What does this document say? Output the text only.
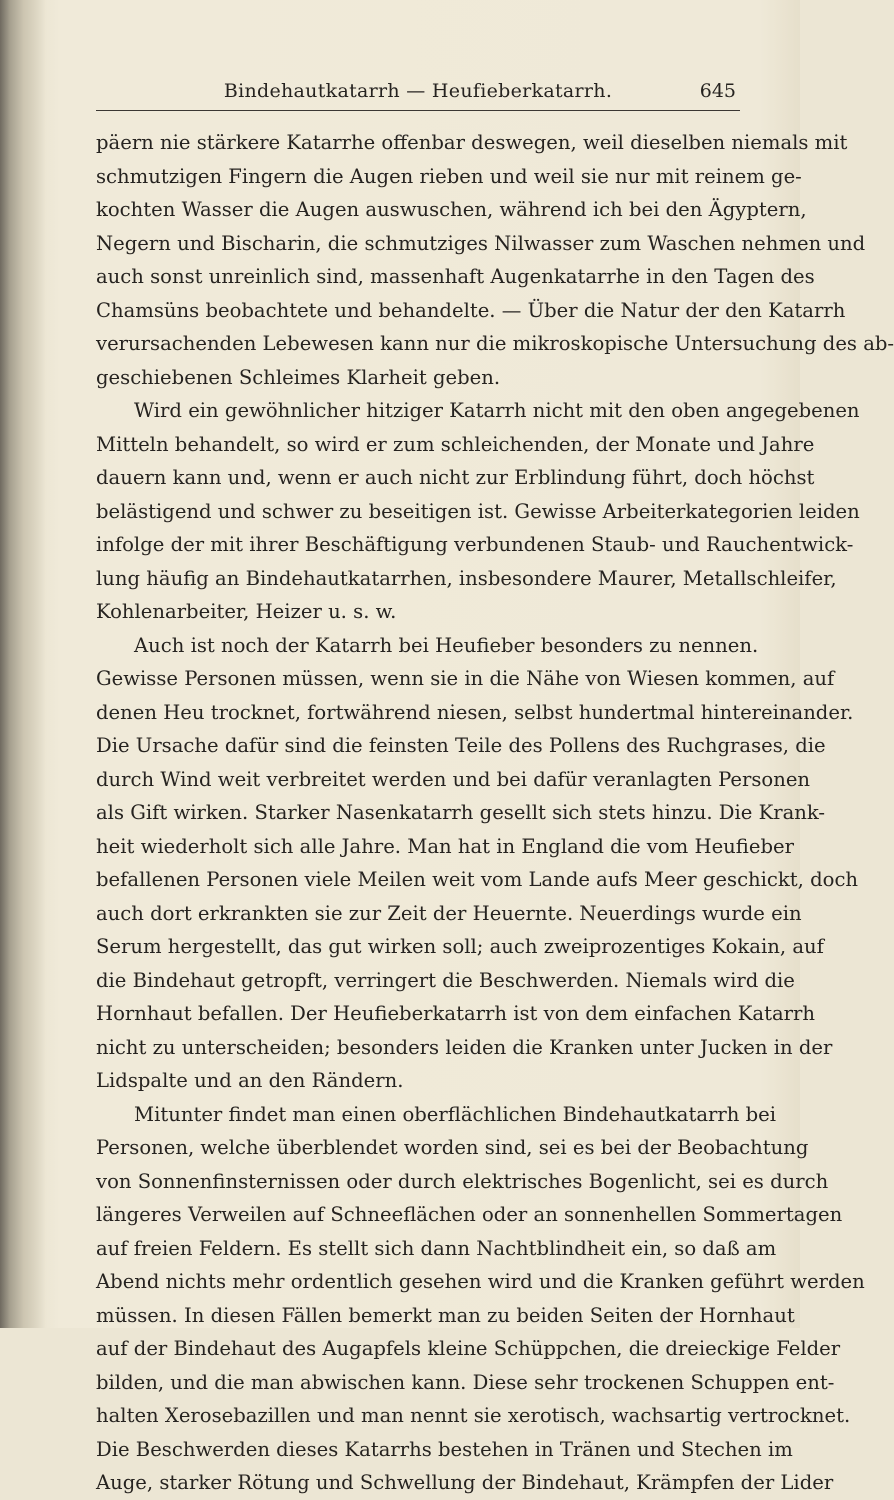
Bindehautkatarrh — Heufieberkatarrh.	645
päern nie stärkere Katarrhe offenbar deswegen, weil dieselben niemals mit
schmutzigen Fingern die Augen rieben und weil sie nur mit reinem ge-
kochten Wasser die Augen auswuschen, während ich bei den Ägyptern,
Negern und Bischarin, die schmutziges Nilwasser zum Waschen nehmen und
auch sonst unreinlich sind, massenhaft Augenkatarrhe in den Tagen des
Chamsüns beobachtete und behandelte. — Über die Natur der den Katarrh
verursachenden Lebewesen kann nur die mikroskopische Untersuchung des ab-
geschiebenen Schleimes Klarheit geben.
Wird ein gewöhnlicher hitziger Katarrh nicht mit den oben angegebenen
Mitteln behandelt, so wird er zum schleichenden, der Monate und Jahre
dauern kann und, wenn er auch nicht zur Erblindung führt, doch höchst
belästigend und schwer zu beseitigen ist. Gewisse Arbeiterkategorien leiden
infolge der mit ihrer Beschäftigung verbundenen Staub- und Rauchentwick-
lung häufig an Bindehautkatarrhen, insbesondere Maurer, Metallschleifer,
Kohlenarbeiter, Heizer u. s. w.
Auch ist noch der Katarrh bei Heufieber besonders zu nennen.
Gewisse Personen müssen, wenn sie in die Nähe von Wiesen kommen, auf
denen Heu trocknet, fortwährend niesen, selbst hundertmal hintereinander.
Die Ursache dafür sind die feinsten Teile des Pollens des Ruchgrases, die
durch Wind weit verbreitet werden und bei dafür veranlagten Personen
als Gift wirken. Starker Nasenkatarrh gesellt sich stets hinzu. Die Krank-
heit wiederholt sich alle Jahre. Man hat in England die vom Heufieber
befallenen Personen viele Meilen weit vom Lande aufs Meer geschickt, doch
auch dort erkrankten sie zur Zeit der Heuernte. Neuerdings wurde ein
Serum hergestellt, das gut wirken soll; auch zweiprozentiges Kokain, auf
die Bindehaut getropft, verringert die Beschwerden. Niemals wird die
Hornhaut befallen. Der Heufieberkatarrh ist von dem einfachen Katarrh
nicht zu unterscheiden; besonders leiden die Kranken unter Jucken in der
Lidspalte und an den Rändern.
Mitunter findet man einen oberflächlichen Bindehautkatarrh bei
Personen, welche überblendet worden sind, sei es bei der Beobachtung
von Sonnenfinsternissen oder durch elektrisches Bogenlicht, sei es durch
längeres Verweilen auf Schneeflächen oder an sonnenhellen Sommertagen
auf freien Feldern. Es stellt sich dann Nachtblindheit ein, so daß am
Abend nichts mehr ordentlich gesehen wird und die Kranken geführt werden
müssen. In diesen Fällen bemerkt man zu beiden Seiten der Hornhaut
auf der Bindehaut des Augapfels kleine Schüppchen, die dreieckige Felder
bilden, und die man abwischen kann. Diese sehr trockenen Schuppen ent-
halten Xerosebazillen und man nennt sie xerotisch, wachsartig vertrocknet.
Die Beschwerden dieses Katarrhs bestehen in Tränen und Stechen im
Auge, starker Rötung und Schwellung der Bindehaut, Krämpfen der Lider
